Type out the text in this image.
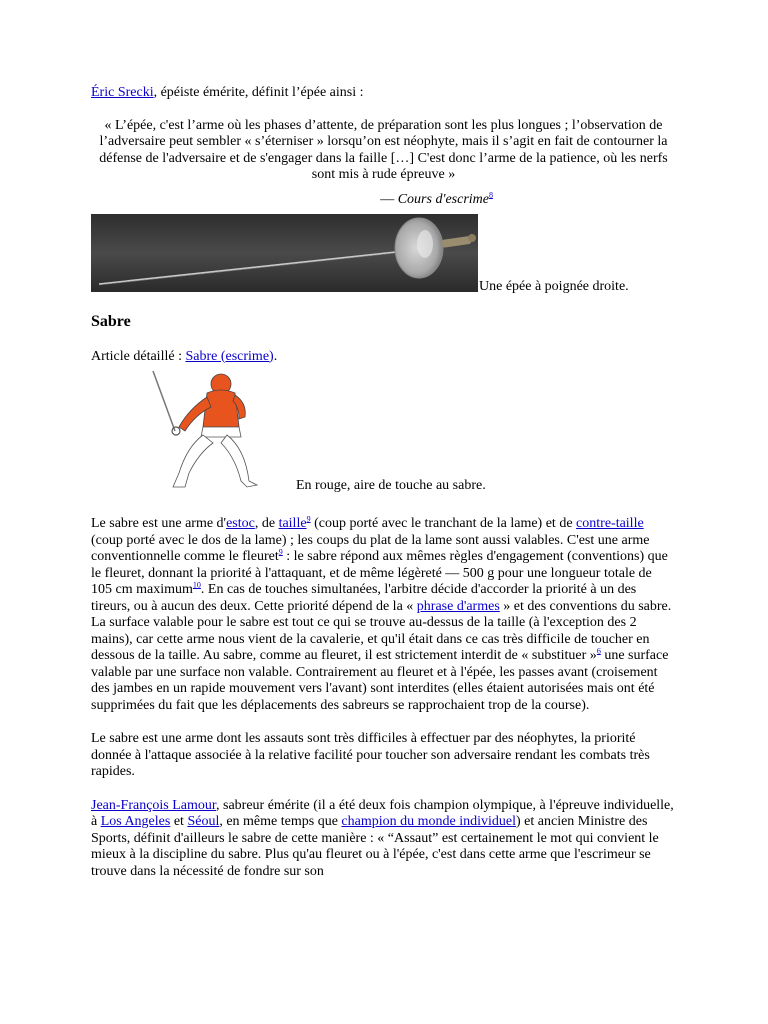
Éric Srecki, épéiste émérite, définit l’épée ainsi :

« L’épée, c'est l’arme où les phases d’attente, de préparation sont les plus longues ; l’observation de l’adversaire peut sembler « s’éterniser » lorsqu’on est néophyte, mais il s’agit en fait de contourner la défense de l'adversaire et de s'engager dans la faille […] C'est donc l’arme de la patience, où les nerfs sont mis à rude épreuve »

— Cours d'escrime$^8$

Une épée à poignée droite.
Sabre

Article détaillé : Sabre (escrime).

En rouge, aire de touche au sabre.

Le sabre est une arme d'estoc, de taille$^9$ (coup porté avec le tranchant de la lame) et de contre-taille (coup porté avec le dos de la lame) ; les coups du plat de la lame sont aussi valables. C'est une arme conventionnelle comme le fleuret$^9$ : le sabre répond aux mêmes règles d'engagement (conventions) que le fleuret, donnant la priorité à l'attaquant, et de même légèreté — 500 g pour une longueur totale de 105 cm maximum$^{10}$. En cas de touches simultanées, l'arbitre décide d'accorder la priorité à un des tireurs, ou à aucun des deux. Cette priorité dépend de la « phrase d'armes » et des conventions du sabre. La surface valable pour le sabre est tout ce qui se trouve au-dessus de la taille (à l'exception des 2 mains), car cette arme nous vient de la cavalerie, et qu'il était dans ce cas très difficile de toucher en dessous de la taille. Au sabre, comme au fleuret, il est strictement interdit de « substituer »$^6$ une surface valable par une surface non valable. Contrairement au fleuret et à l'épée, les passes avant (croisement des jambes en un rapide mouvement vers l'avant) sont interdites (elles étaient autorisées mais ont été supprimées du fait que les déplacements des sabreurs se rapprochaient trop de la course).

Le sabre est une arme dont les assauts sont très difficiles à effectuer par des néophytes, la priorité donnée à l'attaque associée à la relative facilité pour toucher son adversaire rendant les combats très rapides.

Jean-François Lamour, sabreur émérite (il a été deux fois champion olympique, à l'épreuve individuelle, à Los Angeles et Séoul, en même temps que champion du monde individuel) et ancien Ministre des Sports, définit d'ailleurs le sabre de cette manière : « “Assaut” est certainement le mot qui convient le mieux à la discipline du sabre. Plus qu'au fleuret ou à l'épée, c'est dans cette arme que l'escrimeur se trouve dans la nécessité de fondre sur son
